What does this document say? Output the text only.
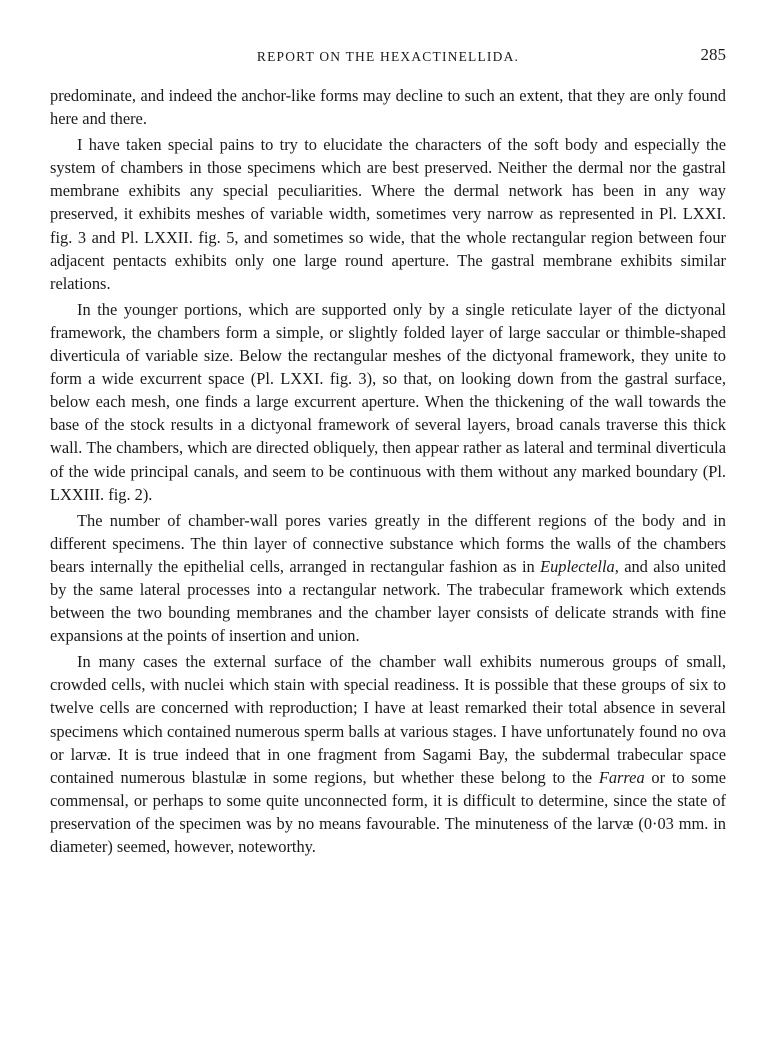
REPORT ON THE HEXACTINELLIDA.	285

predominate, and indeed the anchor-like forms may decline to such an extent, that they are only found here and there.

I have taken special pains to try to elucidate the characters of the soft body and especially the system of chambers in those specimens which are best preserved. Neither the dermal nor the gastral membrane exhibits any special peculiarities. Where the dermal network has been in any way preserved, it exhibits meshes of variable width, sometimes very narrow as represented in Pl. LXXI. fig. 3 and Pl. LXXII. fig. 5, and sometimes so wide, that the whole rectangular region between four adjacent pentacts exhibits only one large round aperture. The gastral membrane exhibits similar relations.

In the younger portions, which are supported only by a single reticulate layer of the dictyonal framework, the chambers form a simple, or slightly folded layer of large saccular or thimble-shaped diverticula of variable size. Below the rectangular meshes of the dictyonal framework, they unite to form a wide excurrent space (Pl. LXXI. fig. 3), so that, on looking down from the gastral surface, below each mesh, one finds a large excurrent aperture. When the thickening of the wall towards the base of the stock results in a dictyonal framework of several layers, broad canals traverse this thick wall. The chambers, which are directed obliquely, then appear rather as lateral and terminal diverticula of the wide principal canals, and seem to be continuous with them without any marked boundary (Pl. LXXIII. fig. 2).

The number of chamber-wall pores varies greatly in the different regions of the body and in different specimens. The thin layer of connective substance which forms the walls of the chambers bears internally the epithelial cells, arranged in rectangular fashion as in Euplectella, and also united by the same lateral processes into a rectangular network. The trabecular framework which extends between the two bounding membranes and the chamber layer consists of delicate strands with fine expansions at the points of insertion and union.

In many cases the external surface of the chamber wall exhibits numerous groups of small, crowded cells, with nuclei which stain with special readiness. It is possible that these groups of six to twelve cells are concerned with reproduction; I have at least remarked their total absence in several specimens which contained numerous sperm balls at various stages. I have unfortunately found no ova or larvæ. It is true indeed that in one fragment from Sagami Bay, the subdermal trabecular space contained numerous blastulæ in some regions, but whether these belong to the Farrea or to some commensal, or perhaps to some quite unconnected form, it is difficult to determine, since the state of preservation of the specimen was by no means favourable. The minuteness of the larvæ (0·03 mm. in diameter) seemed, however, noteworthy.
